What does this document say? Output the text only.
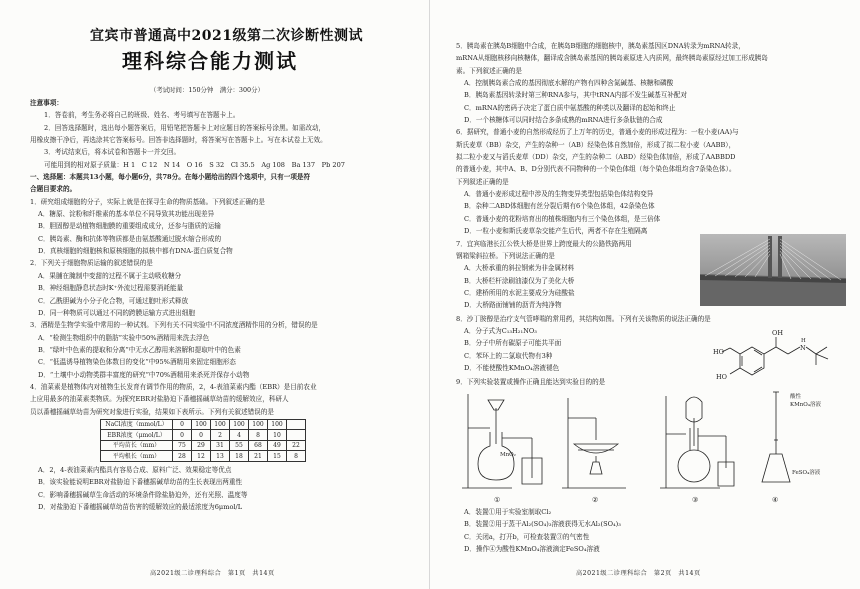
宜宾市普通高中2021级第二次诊断性测试
理科综合能力测试
（考试时间：150分钟　满分：300分）

注意事项：

1．答卷前，考生务必将自己的班级、姓名、考号填写在答题卡上。

2．回答选择题时，选出每小题答案后，用铅笔把答题卡上对应题目的答案标号涂黑。如需改动，

用橡皮擦干净后，再选涂其它答案标号。回答非选择题时，将答案写在答题卡上。写在本试卷上无效。

3．考试结束后，将本试卷和答题卡一并交回。

可能用到的相对原子质量：H 1　C 12　N 14　O 16　S 32　Cl 35.5　Ag 108　Ba 137　Pb 207

一、选择题：本题共13小题，每小题6分，共78分。在每小题给出的四个选项中，只有一项是符

合题目要求的。

1．研究组成细胞的分子，实际上就是在探寻生命的物质基础。下列叙述正确的是

A．糖原、淀粉和纤维素的基本单位不同导致其功能出现差异

B．胆固醇是动植物细胞膜的重要组成成分，还参与脂质的运输

C．胰岛素、酶和抗体等物质都是由氨基酸通过脱水缩合形成的

D．真核细胞的细胞核和原核细胞的拟核中都有DNA-蛋白质复合物

2．下列关于细胞物质运输的叙述错误的是

A．果脯在腌制中变甜的过程不属于主动吸收糖分

B．神经细胞静息状态时K⁺外流过程需要消耗能量

C．乙酰胆碱为小分子化合物，可通过胞吐形式释放

D．同一种物质可以通过不同的跨膜运输方式进出细胞

3．酒精是生物学实验中常用的一种试剂。下列有关不同实验中不同浓度酒精作用的分析，错误的是

A．“检测生物组织中的脂肪”实验中50%酒精用来洗去浮色

B．“绿叶中色素的提取和分离”中无水乙醇用来溶解和提取叶中的色素

C．“低温诱导植物染色体数目的变化”中95%酒精用来固定细胞形态

D．“土壤中小动物类群丰富度的研究”中70%酒精用来杀死并保存小动物

4．油菜素是植物体内对植物生长发育有调节作用的物质，2，4-表油菜素内酯（EBR）是目前农业

上应用最多的油菜素类物质。为探究EBR对盐胁迫下番穗摇碱草幼苗的缓解效应，科研人

员以番穗摇碱草幼苗为研究对象进行实验，结果如下表所示。下列有关叙述错误的是

NaCl浓度（mmol/L）	0	100	100	100	100	100	
EBR浓度（μmol/L）	0	0	2	4	8	10	
平均苗长（mm）	75	29	31	55	68	49	22
平均根长（mm）	28	12	13	18	21	15	8

A．2，4-表油菜素内酯具有容易合成、原料广泛、效果稳定等优点

B．该实验能说明EBR对盐胁迫下番穗摇碱草幼苗的生长表现出两重性

C．影响番穗摇碱草生命活动的环境条件除盐胁迫外，还有光照、温度等

D．对盐胁迫下番穗摇碱草幼苗伤害的缓解效应的最适浓度为6μmol/L

高2021级二诊理科综合　第1页　共14页

5．胰岛素在胰岛B细胞中合成，在胰岛B细胞的细胞核中，胰岛素基因区DNA转录为mRNA转录，

mRNA从细胞核移向核糖体，翻译成含胰岛素基因的胰岛素原进入内质网，最终胰岛素原经过加工形成胰岛

素。下列叙述正确的是

A．控制胰岛素合成的基因彻底水解的产物有四种含氮碱基、核糖和磷酸

B．胰岛素基因转录时第三种RNA参与，其中tRNA内部不发生碱基互补配对

C．mRNA的密码子决定了蛋白质中氨基酸的种类以及翻译的起始和终止

D．一个核糖体可以同时结合多条成熟的mRNA进行多条肽链的合成

6．据研究，普通小麦的自然形成经历了上万年的历史，普通小麦的形成过程为：一粒小麦(AA)与

斯氏麦草（BB）杂交，产生的杂种一（AB）经染色体自然加倍，形成了拟二粒小麦（AABB），

拟二粒小麦又与滔氏麦草（DD）杂交，产生的杂种二（ABD）经染色体加倍，形成了AABBDD

的普通小麦，其中A、B、D分别代表不同物种的一个染色体组（每个染色体组均含7条染色体）。

下列叙述正确的是

A．普通小麦形成过程中涉及的生物变异类型包括染色体结构变异

B．杂种二ABD体细胞有丝分裂后期有6个染色体组，42条染色体

C．普通小麦的花粉培育出的植株细胞内有三个染色体组，是三倍体

D．一粒小麦和斯氏麦草杂交能产生后代，两者不存在生殖隔离

7．宜宾临港长江公铁大桥是世界上跨度最大的公路铁路两用

钢箱梁斜拉桥。下列说法正确的是

A．大桥承重的斜拉钢索为非金属材料

B．大桥栏杆涂刷油漆仅为了美化大桥

C．建桥所用的水泥主要成分为硅酸盐

D．大桥路面铺铺的沥青为纯净物

8．沙丁胺醇是治疗支气管哮喘的常用药，其结构如图。下列有关该物质的说法正确的是

A．分子式为C₁₃H₂₁NO₃

B．分子中所有碳原子可能共平面

C．苯环上的二氯取代物有3种

D．不能使酸性KMnO₄溶液褪色

HO
HO
OH
N
H

9．下列实验装置或操作正确且能达到实验目的的是

MnO₂
酸性
KMnO₄溶液
FeSO₄溶液
①	②	③	④

A．装置①用于实验室制取Cl₂

B．装置②用于蒸干Al₂(SO₄)₃溶液获得无水Al₂(SO₄)₃

C．关闭a，打开b，可检查装置③的气密性

D．操作④为酸性KMnO₄溶液滴定FeSO₄溶液

高2021级二诊理科综合　第2页　共14页
